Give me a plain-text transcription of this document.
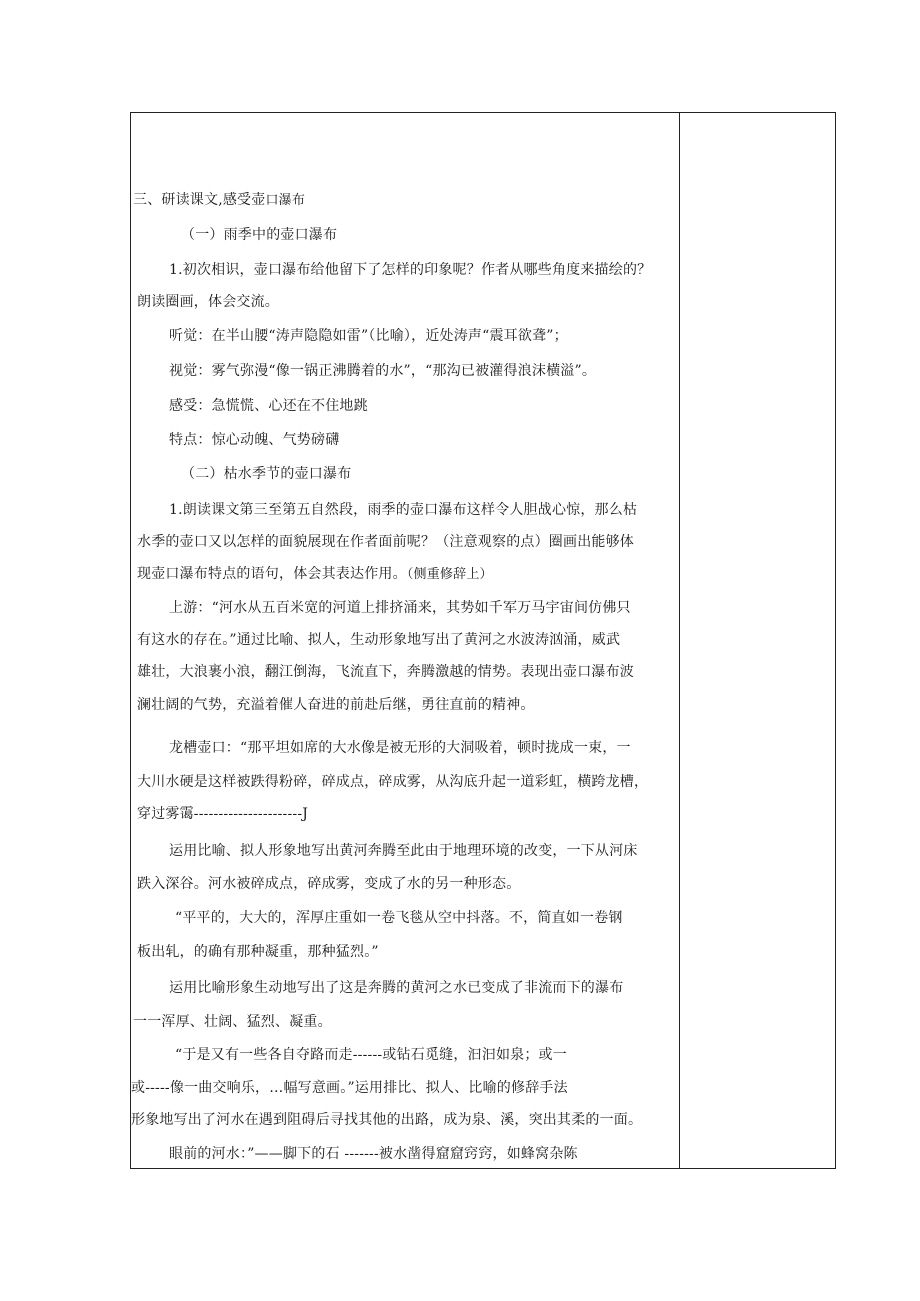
三、研读课文,感受壶口瀑布
（一）雨季中的壶口瀑布
1.初次相识，壶口瀑布给他留下了怎样的印象呢？作者从哪些角度来描绘的？
朗读圈画，体会交流。
听觉：在半山腰“涛声隐隐如雷”（比喻），近处涛声“震耳欲聋”；
视觉：雾气弥漫“像一锅正沸腾着的水”，“那沟已被灌得浪沫横溢”。
感受：急慌慌、心还在不住地跳
特点：惊心动魄、气势磅礴
（二）枯水季节的壶口瀑布
1.朗读课文第三至第五自然段，雨季的壶口瀑布这样令人胆战心惊，那么枯
水季的壶口又以怎样的面貌展现在作者面前呢？（注意观察的点）圈画出能够体
现壶口瀑布特点的语句，体会其表达作用。（侧重修辞上）
上游：“河水从五百米宽的河道上排挤涌来，其势如千军万马宇宙间仿佛只
有这水的存在。”通过比喻、拟人，生动形象地写出了黄河之水波涛汹涌，威武
雄壮，大浪裹小浪，翻江倒海，飞流直下，奔腾激越的情势。表现出壶口瀑布波
澜壮阔的气势，充溢着催人奋进的前赴后继，勇往直前的精神。
龙槽壶口：“那平坦如席的大水像是被无形的大洞吸着，顿时拢成一束，一
大川水硬是这样被跌得粉碎，碎成点，碎成雾，从沟底升起一道彩虹，横跨龙槽，
穿过雾霭----------------------J
运用比喻、拟人形象地写出黄河奔腾至此由于地理环境的改变，一下从河床
跌入深谷。河水被碎成点，碎成雾，变成了水的另一种形态。
“平平的，大大的，浑厚庄重如一卷飞毯从空中抖落。不，简直如一卷钢
板出轧，的确有那种凝重，那种猛烈。”
运用比喻形象生动地写出了这是奔腾的黄河之水已变成了非流而下的瀑布
一一浑厚、壮阔、猛烈、凝重。
“于是又有一些各自夺路而走------或钻石觅缝，汩汩如泉；或一
或-----像一曲交响乐，…幅写意画。”运用排比、拟人、比喻的修辞手法
形象地写出了河水在遇到阻碍后寻找其他的出路，成为泉、溪，突出其柔的一面。
眼前的河水：”——脚下的石 -------被水凿得窟窟窍窍，如蜂窝杂陈
